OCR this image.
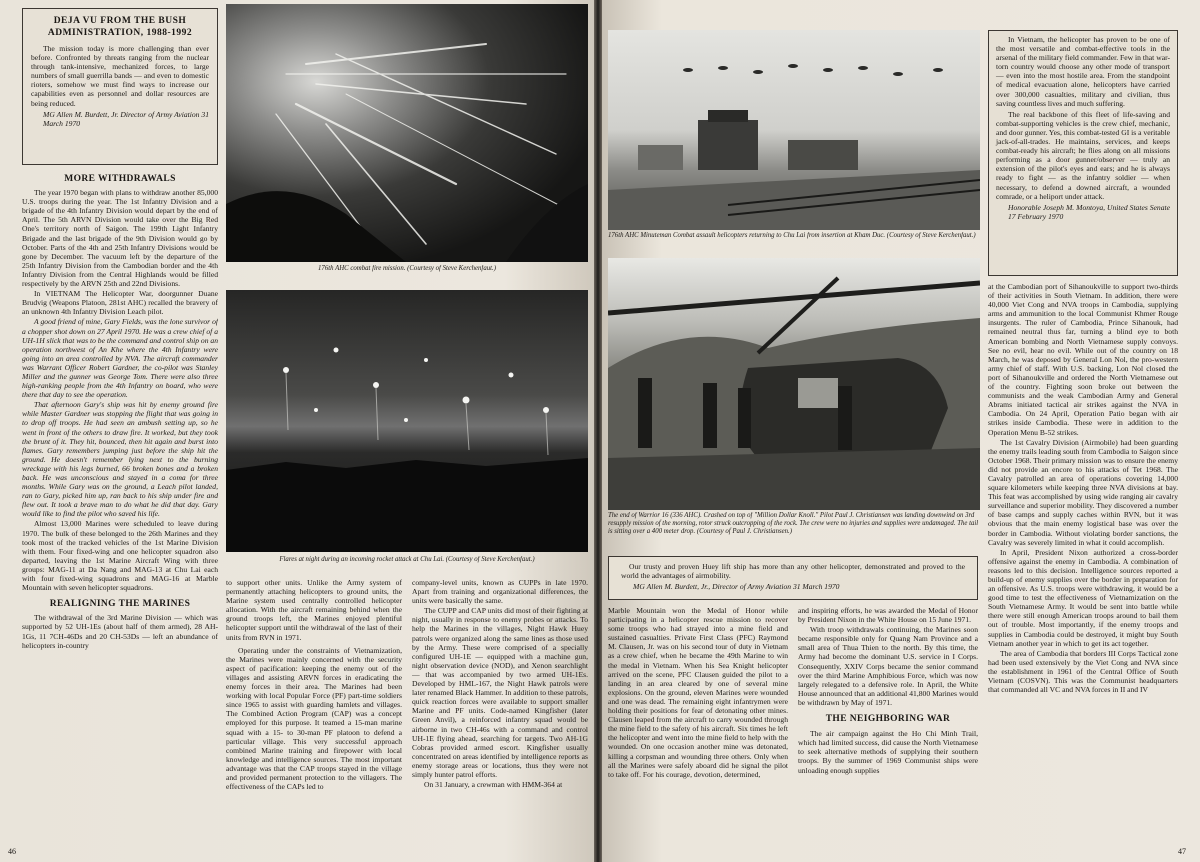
DEJA VU FROM THE BUSH
ADMINISTRATION, 1988-1992

The mission today is more challenging than ever before. Confronted by threats ranging from the nuclear through tank-intensive, mechanized forces, to large numbers of small guerrilla bands — and even to domestic rioters, somehow we must find ways to increase our capabilities even as personnel and dollar resources are being reduced.

MG Allen M. Burdett, Jr. Director of Army Aviation 31 March 1970

MORE WITHDRAWALS

The year 1970 began with plans to withdraw another 85,000 U.S. troops during the year. The 1st Infantry Division and a brigade of the 4th Infantry Division would depart by the end of April. The 5th ARVN Division would take over the Big Red One's territory north of Saigon. The 199th Light Infantry Brigade and the last brigade of the 9th Division would go by October. Parts of the 4th and 25th Infantry Divisions would be gone by December. The vacuum left by the departure of the 25th Infantry Division from the Cambodian border and the 4th Infantry Division from the Central Highlands would be filled respectively by the ARVN 25th and 22nd Divisions.

In VIETNAM The Helicopter War, doorgunner Duane Brudvig (Weapons Platoon, 281st AHC) recalled the bravery of an unknown 4th Infantry Division Leach pilot.

A good friend of mine, Gary Fields, was the lone survivor of a chopper shot down on 27 April 1970. He was a crew chief of a UH-1H slick that was to be the command and control ship on an operation northwest of An Khe where the 4th Infantry were going into an area controlled by NVA. The aircraft commander was Warrant Officer Robert Gardner, the co-pilot was Stanley Miller and the gunner was George Tom. There were also three high-ranking people from the 4th Infantry on board, who were there that day to see the operation.

That afternoon Gary's ship was hit by enemy ground fire while Master Gardner was stopping the flight that was going in to drop off troops. He had seen an ambush setting up, so he went in front of the others to draw fire. It worked, but they took the brunt of it. They hit, bounced, then hit again and burst into flames. Gary remembers jumping just before the ship hit the ground. He doesn't remember lying next to the burning wreckage with his legs burned, 66 broken bones and a broken back. He was unconscious and stayed in a coma for three months. While Gary was on the ground, a Leach pilot landed, ran to Gary, picked him up, ran back to his ship under fire and flew out. It took a brave man to do what he did that day. Gary would like to find the pilot who saved his life.

Almost 13,000 Marines were scheduled to leave during 1970. The bulk of these belonged to the 26th Marines and they took most of the tracked vehicles of the 1st Marine Division with them. Four fixed-wing and one helicopter squadron also departed, leaving the 1st Marine Aircraft Wing with three groups: MAG-11 at Da Nang and MAG-13 at Chu Lai each with four fixed-wing squadrons and MAG-16 at Marble Mountain with seven helicopter squadrons.

REALIGNING THE MARINES

The withdrawal of the 3rd Marine Division — which was supported by 52 UH-1Es (about half of them armed), 28 AH-1Gs, 11 7CH-46Ds and 20 CH-53Ds — left an abundance of helicopters in-country

176th AHC combat fire mission. (Courtesy of Steve Kerchenfaut.)
Flares at night during an incoming rocket attack at Chu Lai. (Courtesy of Steve Kerchenfaut.)

to support other units. Unlike the Army system of permanently attaching helicopters to ground units, the Marine system used centrally controlled helicopter allocation. With the aircraft remaining behind when the ground troops left, the Marines enjoyed plentiful helicopter support until the withdrawal of the last of their units from RVN in 1971.

Operating under the constraints of Vietnamization, the Marines were mainly concerned with the security aspect of pacification: keeping the enemy out of the villages and assisting ARVN forces in eradicating the enemy forces in their area. The Marines had been working with local Popular Force (PF) part-time soldiers since 1965 to assist with guarding hamlets and villages. The Combined Action Program (CAP) was a concept employed for this purpose. It teamed a 15-man marine squad with a 15- to 30-man PF platoon to defend a particular village. This very successful approach combined Marine training and firepower with local knowledge and intelligence sources. The most important advantage was that the CAP troops stayed in the village and provided permanent protection to the villagers. The effectiveness of the CAPs led to

company-level units, known as CUPPs in late 1970. Apart from training and organizational differences, the units were basically the same.

The CUPP and CAP units did most of their fighting at night, usually in response to enemy probes or attacks. To help the Marines in the villages, Night Hawk Huey patrols were organized along the same lines as those used by the Army. These were comprised of a specially configured UH-1E — equipped with a machine gun, night observation device (NOD), and Xenon searchlight — that was accompanied by two armed UH-1Es. Developed by HML-167, the Night Hawk patrols were later renamed Black Hammer. In addition to these patrols, quick reaction forces were available to support smaller Marine and PF units. Code-named Kingfisher (later Green Anvil), a reinforced infantry squad would be airborne in two CH-46s with a command and control UH-1E flying ahead, searching for targets. Two AH-1G Cobras provided armed escort. Kingfisher usually concentrated on areas identified by intelligence reports as enemy storage areas or locations, thus they were not simply hunter patrol efforts.

On 31 January, a crewman with HMM-364 at

46
176th AHC Minuteman Combat assault helicopters returning to Chu Lai from insertion at Kham Duc. (Courtesy of Steve Kerchenfaut.)

In Vietnam, the helicopter has proven to be one of the most versatile and combat-effective tools in the arsenal of the military field commander. Few in that war-torn country would choose any other mode of transport — even into the most hostile area. From the standpoint of medical evacuation alone, helicopters have carried over 300,000 casualties, military and civilian, thus saving countless lives and much suffering.

The real backbone of this fleet of life-saving and combat-supporting vehicles is the crew chief, mechanic, and door gunner. Yes, this combat-tested GI is a veritable jack-of-all-trades. He maintains, services, and keeps combat-ready his aircraft; he flies along on all missions performing as a door gunner/observer — truly an extension of the pilot's eyes and ears; and he is always ready to fight — as the infantry soldier — when necessary, to defend a downed aircraft, a wounded comrade, or a heliport under attack.

Honorable Joseph M. Montoya, United States Senate 17 February 1970

The end of Warrior 16 (336 AHC). Crashed on top of "Million Dollar Knoll." Pilot Paul J. Christiansen was landing downwind on 3rd resupply mission of the morning, rotor struck outcropping of the rock. The crew were no injuries and supplies were undamaged. The tail is sitting over a 400 meter drop. (Courtesy of Paul J. Christiansen.)

Our trusty and proven Huey lift ship has more than any other helicopter, demonstrated and proved to the world the advantages of airmobility.

MG Allen M. Burdett, Jr., Director of Army Aviation 31 March 1970

Marble Mountain won the Medal of Honor while participating in a helicopter rescue mission to recover some troops who had strayed into a mine field and sustained casualties. Private First Class (PFC) Raymond M. Clausen, Jr. was on his second tour of duty in Vietnam as a crew chief, when he became the 49th Marine to win the medal in Vietnam. When his Sea Knight helicopter arrived on the scene, PFC Clausen guided the pilot to a landing in an area cleared by one of several mine explosions. On the ground, eleven Marines were wounded and one was dead. The remaining eight infantrymen were holding their positions for fear of detonating other mines. Clausen leaped from the aircraft to carry wounded through the mine field to the safety of his aircraft. Six times he left the helicopter and went into the mine field to help with the wounded. On one occasion another mine was detonated, killing a corpsman and wounding three others. Only when all the Marines were safely aboard did he signal the pilot to take off. For his courage, devotion, determined,

and inspiring efforts, he was awarded the Medal of Honor by President Nixon in the White House on 15 June 1971.

With troop withdrawals continuing, the Marines soon became responsible only for Quang Nam Province and a small area of Thua Thien to the north. By this time, the Army had become the dominant U.S. service in I Corps. Consequently, XXIV Corps became the senior command over the third Marine Amphibious Force, which was now largely relegated to a defensive role. In April, the White House announced that an additional 41,800 Marines would be withdrawn by May of 1971.

THE NEIGHBORING WAR

The air campaign against the Ho Chi Minh Trail, which had limited success, did cause the North Vietnamese to seek alternative methods of supplying their southern troops. By the summer of 1969 Communist ships were unloading enough supplies

at the Cambodian port of Sihanoukville to support two-thirds of their activities in South Vietnam. In addition, there were 40,000 Viet Cong and NVA troops in Cambodia, supplying arms and ammunition to the local Communist Khmer Rouge insurgents. The ruler of Cambodia, Prince Sihanouk, had remained neutral thus far, turning a blind eye to both American bombing and North Vietnamese supply convoys. See no evil, hear no evil. While out of the country on 18 March, he was deposed by General Lon Nol, the pro-western army chief of staff. With U.S. backing, Lon Nol closed the port of Sihanoukville and ordered the North Vietnamese out of the country. Fighting soon broke out between the communists and the weak Cambodian Army and General Abrams initiated tactical air strikes against the NVA in Cambodia. On 24 April, Operation Patio began with air strikes inside Cambodia. These were in addition to the Operation Menu B-52 strikes.

The 1st Cavalry Division (Airmobile) had been guarding the enemy trails leading south from Cambodia to Saigon since October 1968. Their primary mission was to ensure the enemy did not provide an encore to his attacks of Tet 1968. The Cavalry patrolled an area of operations covering 14,000 square kilometers while keeping three NVA divisions at bay. This feat was accomplished by using wide ranging air cavalry surveillance and superior mobility. They discovered a number of base camps and supply caches within RVN, but it was obvious that the main enemy logistical base was over the border in Cambodia. Without violating border sanctions, the Cavalry was severely limited in what it could accomplish.

In April, President Nixon authorized a cross-border offensive against the enemy in Cambodia. A combination of reasons led to this decision. Intelligence sources reported a build-up of enemy supplies over the border in preparation for an offensive. As U.S. troops were withdrawing, it would be a good time to test the effectiveness of Vietnamization on the South Vietnamese Army. It would be sent into battle while there were still enough American troops around to bail them out of trouble. Most importantly, if the enemy troops and supplies in Cambodia could be destroyed, it might buy South Vietnam another year in which to get its act together.

The area of Cambodia that borders III Corps Tactical zone had been used extensively by the Viet Cong and NVA since the establishment in 1961 of the Central Office of South Vietnam (COSVN). This was the Communist headquarters that commanded all VC and NVA forces in II and IV

47
